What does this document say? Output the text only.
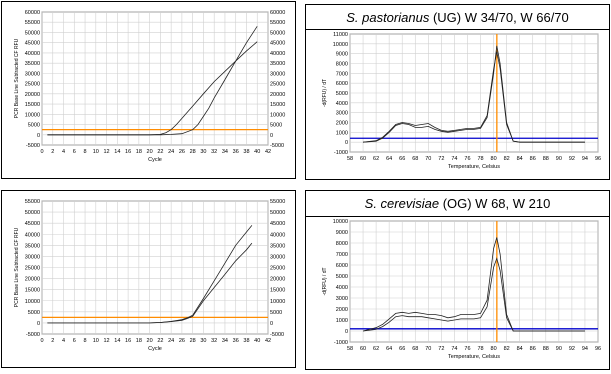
60000
55000
50000
45000
40000
35000
30000
25000
20000
15000
10000
5000
0
-5000
60000
55000
50000
45000
40000
35000
30000
25000
20000
15000
10000
5000
0
-5000
0 2 4 6 8 10 12 14 16 18 20 22 24 26 28 30 32 34 36 38 40 42
Cycle
PCR Base Line Subtracted CF RFU
S. pastorianus (UG) W 34/70, W 66/70
11000
10000
9000
8000
7000
6000
5000
4000
3000
2000
1000
0
-1000
58 60 62 64 66 68 70 72 74 76 78 80 82 84 86 88 90 92 94 96
Temperature, Celsius
-d(RFU) / dT
55000
50000
45000
40000
35000
30000
25000
20000
15000
10000
5000
0
-5000
55000
50000
45000
40000
35000
30000
25000
20000
15000
10000
5000
0
-5000
0 2 4 6 8 10 12 14 16 18 20 22 24 26 28 30 32 34 36 38 40 42
Cycle
PCR Base Line Subtracted CF RFU
S. cerevisiae (OG) W 68, W 210
10000
9000
8000
7000
6000
5000
4000
3000
2000
1000
0
-1000
58 60 62 64 66 68 70 72 74 76 78 80 82 84 86 88 90 92 94 96
Temperature, Celsius
-d(RFU) / dT
